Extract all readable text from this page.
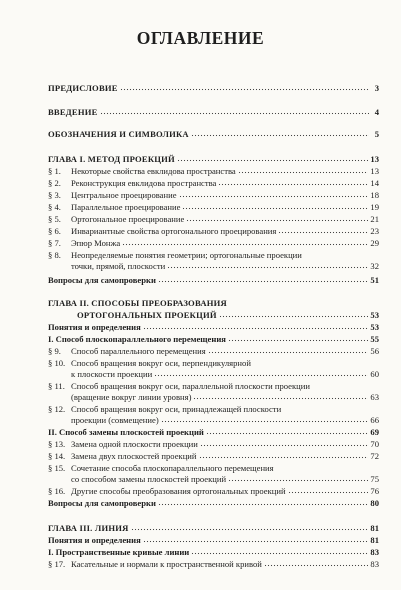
ОГЛАВЛЕНИЕ
ПРЕДИСЛОВИЕ	3
ВВЕДЕНИЕ	4
ОБОЗНАЧЕНИЯ И СИМВОЛИКА	5
ГЛАВА I. МЕТОД ПРОЕКЦИЙ	13
§ 1.	Некоторые свойства евклидова пространства	13
§ 2.	Реконструкция евклидова пространства	14
§ 3.	Центральное проецирование	18
§ 4.	Параллельное проецирование	19
§ 5.	Ортогональное проецирование	21
§ 6.	Инвариантные свойства ортогонального проецирования	23
§ 7.	Эпюр Монжа	29
§ 8.	Неопределяемые понятия геометрии; ортогональные проекции
точки, прямой, плоскости	32
Вопросы для самопроверки	51
ГЛАВА II. СПОСОБЫ ПРЕОБРАЗОВАНИЯ
ОРТОГОНАЛЬНЫХ ПРОЕКЦИЙ	53
Понятия и определения	53
I. Способ плоскопараллельного перемещения	55
§ 9.	Способ параллельного перемещения	56
§ 10. Способ вращения вокруг оси, перпендикулярной
к плоскости проекции	60
§ 11. Способ вращения вокруг оси, параллельной плоскости проекции
(вращение вокруг линии уровня)	63
§ 12. Способ вращения вокруг оси, принадлежащей плоскости
проекции (совмещение)	66
II. Способ замены плоскостей проекций	69
§ 13. Замена одной плоскости проекции	70
§ 14. Замена двух плоскостей проекций	72
§ 15. Сочетание способа плоскопараллельного перемещения
со способом замены плоскостей проекций	75
§ 16. Другие способы преобразования ортогональных проекций	76
Вопросы для самопроверки	80
ГЛАВА III. ЛИНИЯ	81
Понятия и определения	81
I. Пространственные кривые линии	83
§ 17. Касательные и нормали к пространственной кривой	83
